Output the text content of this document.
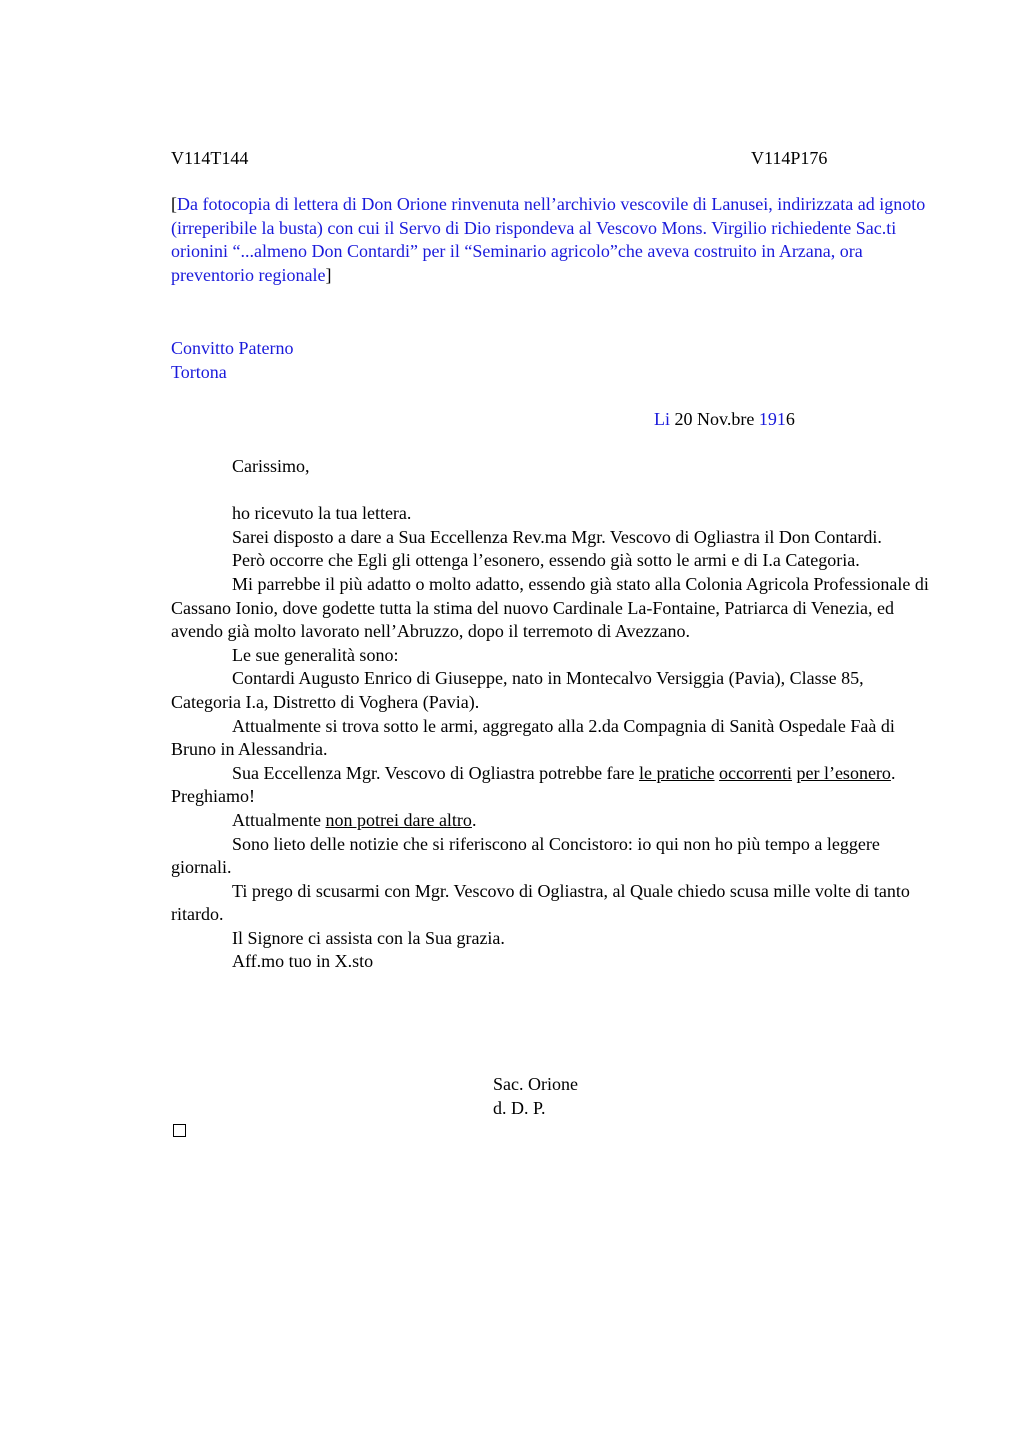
V114T144	V114P176
[Da fotocopia di lettera di Don Orione rinvenuta nell’archivio vescovile di Lanusei, indirizzata ad ignoto (irreperibile la busta) con cui il Servo di Dio rispondeva al Vescovo Mons. Virgilio richiedente Sac.ti orionini “...almeno Don Contardi” per il “Seminario agricolo”che aveva costruito in Arzana, ora preventorio regionale]
Convitto Paterno
Tortona
Li 20 Nov.bre 1916

Carissimo,

ho ricevuto la tua lettera.

Sarei disposto a dare a Sua Eccellenza Rev.ma Mgr. Vescovo di Ogliastra il Don Contardi.

Però occorre che Egli gli ottenga l’esonero, essendo già sotto le armi e di I.a Categoria.

Mi parrebbe il più adatto o molto adatto, essendo già stato alla Colonia Agricola Professionale di Cassano Ionio, dove godette tutta la stima del nuovo Cardinale La-Fontaine, Patriarca di Venezia, ed avendo già molto lavorato nell’Abruzzo, dopo il terremoto di Avezzano.

Le sue generalità sono:

Contardi Augusto Enrico di Giuseppe, nato in Montecalvo Versiggia (Pavia), Classe 85, Categoria I.a, Distretto di Voghera (Pavia).

Attualmente si trova sotto le armi, aggregato alla 2.da Compagnia di Sanità Ospedale Faà di Bruno in Alessandria.

Sua Eccellenza Mgr. Vescovo di Ogliastra potrebbe fare le pratiche occorrenti per l’esonero. Preghiamo!

Attualmente non potrei dare altro.

Sono lieto delle notizie che si riferiscono al Concistoro: io qui non ho più tempo a leggere giornali.

Ti prego di scusarmi con Mgr. Vescovo di Ogliastra, al Quale chiedo scusa mille volte di tanto ritardo.

Il Signore ci assista con la Sua grazia.

Aff.mo tuo in X.sto

Sac. Orione
d. D. P.
